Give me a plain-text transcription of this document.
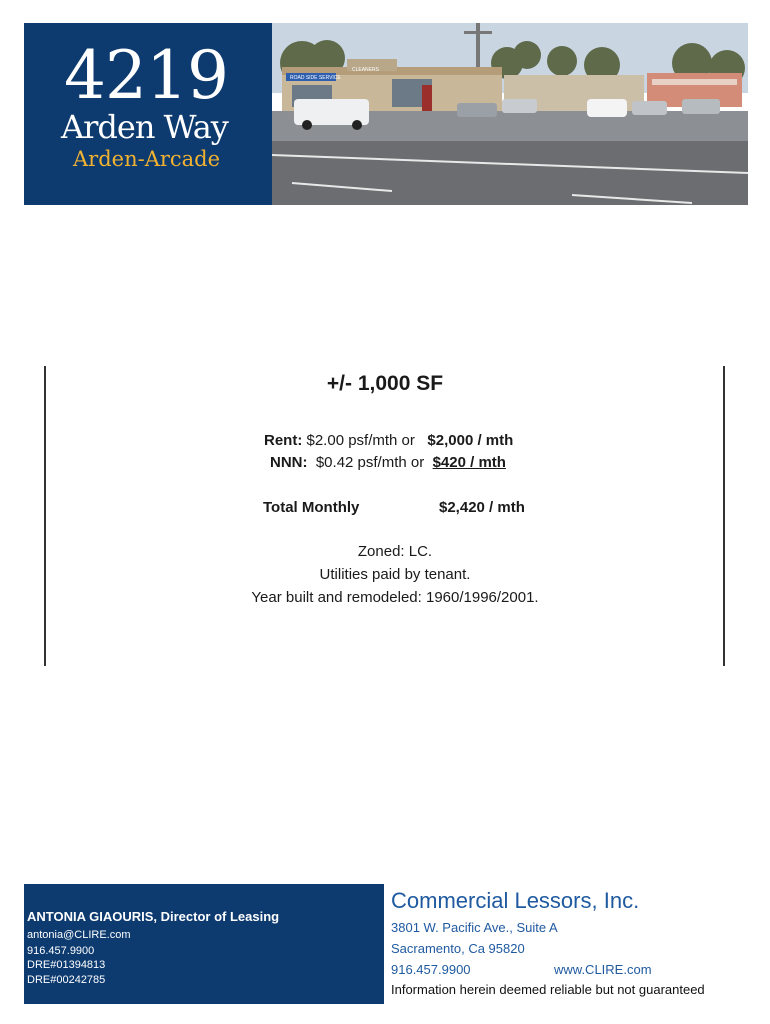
4219
Arden Way
Arden-Arcade
ROAD SIDE SERVICE
CLEANERS
+/- 1,000 SF
Rent: $2.00 psf/mth or $2,000 / mth
NNN: $0.42 psf/mth or $420 / mth
Total Monthly	$2,420 / mth
Zoned: LC.
Utilities paid by tenant.
Year built and remodeled: 1960/1996/2001.
ANTONIA GIAOURIS, Director of Leasing
antonia@CLIRE.com
916.457.9900
DRE#01394813
DRE#00242785
Commercial Lessors, Inc.
3801 W. Pacific Ave., Suite A
Sacramento, Ca 95820
916.457.9900	www.CLIRE.com
Information herein deemed reliable but not guaranteed
